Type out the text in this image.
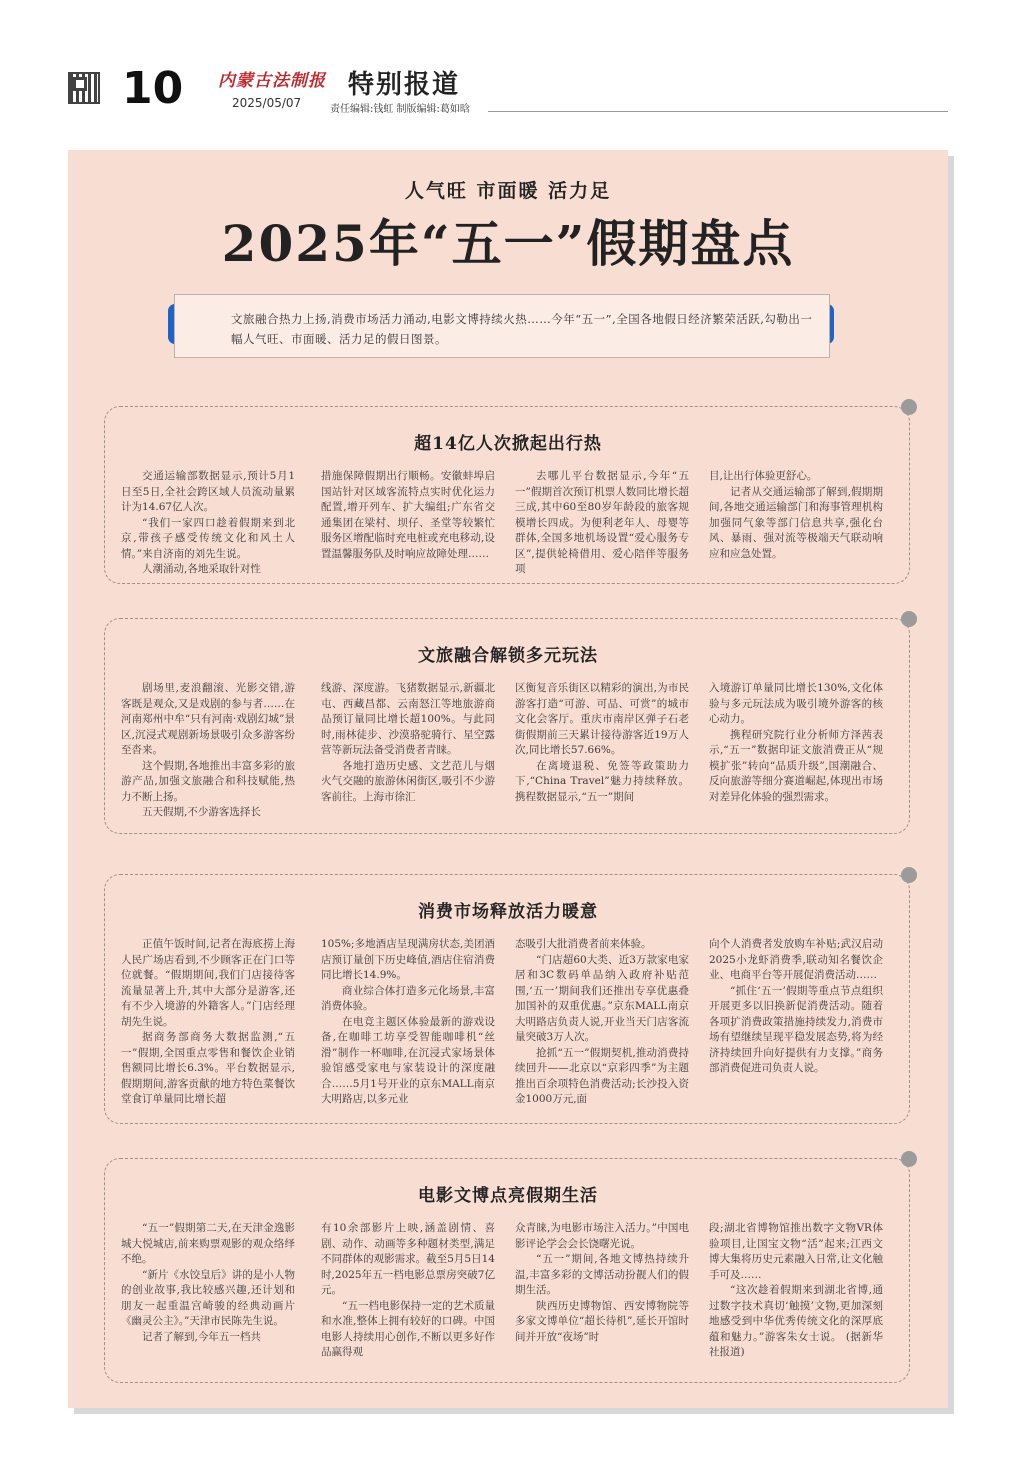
10 内蒙古法制报
2025/05/07
特别报道
责任编辑:钱虹 制版编辑:葛如晗
人气旺 市面暖 活力足
2025年“五一”假期盘点
文旅融合热力上扬,消费市场活力涌动,电影文博持续火热……今年“五一”,全国各地假日经济繁荣活跃,勾勒出一幅人气旺、市面暖、活力足的假日图景。
超14亿人次掀起出行热

交通运输部数据显示,预计5月1日至5日,全社会跨区域人员流动量累计为14.67亿人次。

“我们一家四口趁着假期来到北京,带孩子感受传统文化和风土人情。”来自济南的刘先生说。

人潮涌动,各地采取针对性

措施保障假期出行顺畅。安徽蚌埠启国站针对区域客流特点实时优化运力配置,增开列车、扩大编组;广东省交通集团在梁村、坝仔、圣堂等较繁忙服务区增配临时充电桩或充电移动,设置温馨服务队及时响应故障处理……

去哪儿平台数据显示,今年“五一”假期首次预订机票人数同比增长超三成,其中60至80岁年龄段的旅客规模增长四成。为便利老年人、母婴等群体,全国多地机场设置“爱心服务专区”,提供轮椅借用、爱心陪伴等服务项

目,让出行体验更舒心。

记者从交通运输部了解到,假期期间,各地交通运输部门和海事管理机构加强同气象等部门信息共享,强化台风、暴雨、强对流等极端天气联动响应和应急处置。

文旅融合解锁多元玩法

剧场里,麦浪翻滚、光影交错,游客既是观众,又是戏剧的参与者……在河南郑州中牟“只有河南·戏剧幻城”景区,沉浸式观剧新场景吸引众多游客纷至沓来。

这个假期,各地推出丰富多彩的旅游产品,加强文旅融合和科技赋能,热力不断上扬。

五天假期,不少游客选择长

线游、深度游。飞猪数据显示,新疆北屯、西藏昌都、云南怒江等地旅游商品预订量同比增长超100%。与此同时,雨林徒步、沙漠骆驼骑行、星空露营等新玩法备受消费者青睐。

各地打造历史感、文艺范儿与烟火气交融的旅游休闲街区,吸引不少游客前往。上海市徐汇

区衡复音乐街区以精彩的演出,为市民游客打造“可游、可品、可赏”的城市文化会客厅。重庆市南岸区弹子石老街假期前三天累计接待游客近19万人次,同比增长57.66%。

在离境退税、免签等政策助力下,“China Travel”魅力持续释放。携程数据显示,“五一”期间

入境游订单量同比增长130%,文化体验与多元玩法成为吸引境外游客的核心动力。

携程研究院行业分析师方泽茜表示,“五一”数据印证文旅消费正从“规模扩张”转向“品质升级”,国潮融合、反向旅游等细分赛道崛起,体现出市场对差异化体验的强烈需求。

消费市场释放活力暖意

正值午饭时间,记者在海底捞上海人民广场店看到,不少顾客正在门口等位就餐。“假期期间,我们门店接待客流量显著上升,其中大部分是游客,还有不少入境游的外籍客人。”门店经理胡先生说。

据商务部商务大数据监测,“五一”假期,全国重点零售和餐饮企业销售额同比增长6.3%。平台数据显示,假期期间,游客贡献的地方特色菜餐饮堂食订单量同比增长超

105%;多地酒店呈现满房状态,美团酒店预订量创下历史峰值,酒店住宿消费同比增长14.9%。

商业综合体打造多元化场景,丰富消费体验。

在电竞主题区体验最新的游戏设备,在咖啡工坊享受智能咖啡机“丝滑”制作一杯咖啡,在沉浸式家场景体验馆感受家电与家装设计的深度融合……5月1号开业的京东MALL南京大明路店,以多元业

态吸引大批消费者前来体验。

“门店超60大类、近3万款家电家居和3C数码单品纳入政府补贴范围,‘五一’期间我们还推出专享优惠叠加国补的双重优惠。”京东MALL南京大明路店负责人说,开业当天门店客流量突破3万人次。

抢抓“五一”假期契机,推动消费持续回升——北京以“京彩四季”为主题推出百余项特色消费活动;长沙投入资金1000万元,面

向个人消费者发放购车补贴;武汉启动2025小龙虾消费季,联动知名餐饮企业、电商平台等开展促消费活动……

“抓住‘五一’假期等重点节点组织开展更多以旧换新促消费活动。随着各项扩消费政策措施持续发力,消费市场有望继续呈现平稳发展态势,将为经济持续回升向好提供有力支撑。”商务部消费促进司负责人说。

电影文博点亮假期生活

“五一”假期第二天,在天津金逸影城大悦城店,前来购票观影的观众络绎不绝。

“新片《水饺皇后》讲的是小人物的创业故事,我比较感兴趣,还计划和朋友一起重温宫崎骏的经典动画片《幽灵公主》。”天津市民陈先生说。

记者了解到,今年五一档共

有10余部影片上映,涵盖剧情、喜剧、动作、动画等多种题材类型,满足不同群体的观影需求。截至5月5日14时,2025年五一档电影总票房突破7亿元。

“五一档电影保持一定的艺术质量和水准,整体上拥有较好的口碑。中国电影人持续用心创作,不断以更多好作品赢得观

众青睐,为电影市场注入活力。”中国电影评论学会会长饶曙光说。

“五一”期间,各地文博热持续升温,丰富多彩的文博活动扮靓人们的假期生活。

陕西历史博物馆、西安博物院等多家文博单位“超长待机”,延长开馆时间并开放“夜场”时

段;湖北省博物馆推出数字文物VR体验项目,让国宝文物“活”起来;江西文博大集将历史元素融入日常,让文化触手可及……

“这次趁着假期来到湖北省博,通过数字技术真切‘触摸’文物,更加深刻地感受到中华优秀传统文化的深厚底蕴和魅力。”游客朱女士说。 (据新华社报道)
